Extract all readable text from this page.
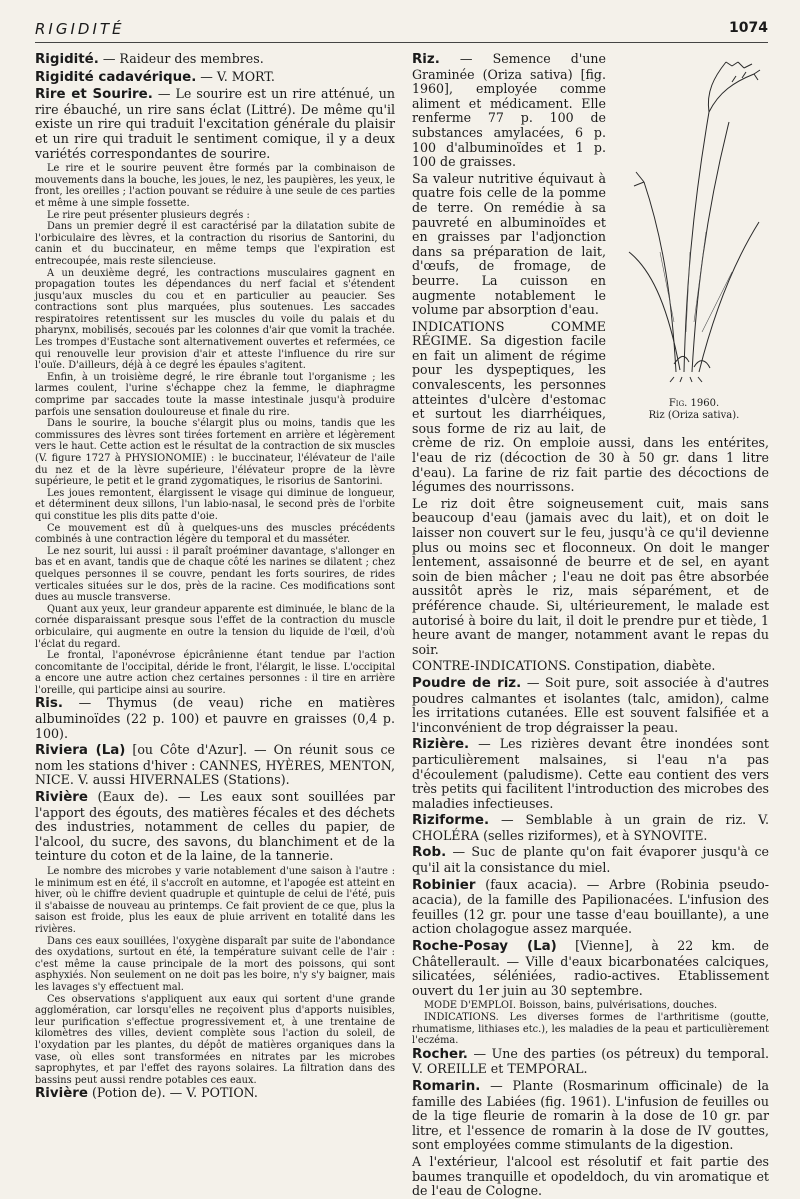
RIGIDITÉ	1074

Rigidité. — Raideur des membres.

Rigidité cadavérique. — V. MORT.

Rire et Sourire. — Le sourire est un rire atténué, un rire ébauché, un rire sans éclat (Littré). De même qu'il existe un rire qui traduit l'excitation générale du plaisir et un rire qui traduit le sentiment comique, il y a deux variétés correspondantes de sourire.

Le rire et le sourire peuvent être formés par la combinaison de mouvements dans la bouche, les joues, le nez, les paupières, les yeux, le front, les oreilles ; l'action pouvant se réduire à une seule de ces parties et même à une simple fossette.

Le rire peut présenter plusieurs degrés :

Dans un premier degré il est caractérisé par la dilatation subite de l'orbiculaire des lèvres, et la contraction du risorius de Santorini, du canin et du buccinateur, en même temps que l'expiration est entrecoupée, mais reste silencieuse.

A un deuxième degré, les contractions musculaires gagnent en propagation toutes les dépendances du nerf facial et s'étendent jusqu'aux muscles du cou et en particulier au peaucier. Ses contractions sont plus marquées, plus soutenues. Les saccades respiratoires retentissent sur les muscles du voile du palais et du pharynx, mobilisés, secoués par les colonnes d'air que vomit la trachée. Les trompes d'Eustache sont alternativement ouvertes et refermées, ce qui renouvelle leur provision d'air et atteste l'influence du rire sur l'ouïe. D'ailleurs, déjà à ce degré les épaules s'agitent.

Enfin, à un troisième degré, le rire ébranle tout l'organisme ; les larmes coulent, l'urine s'échappe chez la femme, le diaphragme comprime par saccades toute la masse intestinale jusqu'à produire parfois une sensation douloureuse et finale du rire.

Dans le sourire, la bouche s'élargit plus ou moins, tandis que les commissures des lèvres sont tirées fortement en arrière et légèrement vers le haut. Cette action est le résultat de la contraction de six muscles (V. figure 1727 à PHYSIONOMIE) : le buccinateur, l'élévateur de l'aile du nez et de la lèvre supérieure, l'élévateur propre de la lèvre supérieure, le petit et le grand zygomatiques, le risorius de Santorini.

Les joues remontent, élargissent le visage qui diminue de longueur, et déterminent deux sillons, l'un labio-nasal, le second près de l'orbite qui constitue les plis dits patte d'oie.

Ce mouvement est dû à quelques-uns des muscles précédents combinés à une contraction légère du temporal et du masséter.

Le nez sourit, lui aussi : il paraît proéminer davantage, s'allonger en bas et en avant, tandis que de chaque côté les narines se dilatent ; chez quelques personnes il se couvre, pendant les forts sourires, de rides verticales situées sur le dos, près de la racine. Ces modifications sont dues au muscle transverse.

Quant aux yeux, leur grandeur apparente est diminuée, le blanc de la cornée disparaissant presque sous l'effet de la contraction du muscle orbiculaire, qui augmente en outre la tension du liquide de l'œil, d'où l'éclat du regard.

Le frontal, l'aponévrose épicrânienne étant tendue par l'action concomitante de l'occipital, déride le front, l'élargit, le lisse. L'occipital a encore une autre action chez certaines personnes : il tire en arrière l'oreille, qui participe ainsi au sourire.

Ris. — Thymus (de veau) riche en matières albuminoïdes (22 p. 100) et pauvre en graisses (0,4 p. 100).

Riviera (La) [ou Côte d'Azur]. — On réunit sous ce nom les stations d'hiver : CANNES, HYÈRES, MENTON, NICE. V. aussi HIVERNALES (Stations).

Rivière (Eaux de). — Les eaux sont souillées par l'apport des égouts, des matières fécales et des déchets des industries, notamment de celles du papier, de l'alcool, du sucre, des savons, du blanchiment et de la teinture du coton et de la laine, de la tannerie.

Le nombre des microbes y varie notablement d'une saison à l'autre : le minimum est en été, il s'accroît en automne, et l'apogée est atteint en hiver, où le chiffre devient quadruple et quintuple de celui de l'été, puis il s'abaisse de nouveau au printemps. Ce fait provient de ce que, plus la saison est froide, plus les eaux de pluie arrivent en totalité dans les rivières.

Dans ces eaux souillées, l'oxygène disparaît par suite de l'abondance des oxydations, surtout en été, la température suivant celle de l'air : c'est même la cause principale de la mort des poissons, qui sont asphyxiés. Non seulement on ne doit pas les boire, n'y s'y baigner, mais les lavages s'y effectuent mal.

Ces observations s'appliquent aux eaux qui sortent d'une grande agglomération, car lorsqu'elles ne reçoivent plus d'apports nuisibles, leur purification s'effectue progressivement et, à une trentaine de kilomètres des villes, devient complète sous l'action du soleil, de l'oxydation par les plantes, du dépôt de matières organiques dans la vase, où elles sont transformées en nitrates par les microbes saprophytes, et par l'effet des rayons solaires. La filtration dans des bassins peut aussi rendre potables ces eaux.

Rivière (Potion de). — V. POTION.

Fig. 1960.
Riz (Oriza sativa).

Riz. — Semence d'une Graminée (Oriza sativa) [fig. 1960], employée comme aliment et médicament. Elle renferme 77 p. 100 de substances amylacées, 6 p. 100 d'albuminoïdes et 1 p. 100 de graisses.

Sa valeur nutritive équivaut à quatre fois celle de la pomme de terre. On remédie à sa pauvreté en albuminoïdes et en graisses par l'adjonction dans sa préparation de lait, d'œufs, de fromage, de beurre. La cuisson en augmente notablement le volume par absorption d'eau.

INDICATIONS COMME RÉGIME. Sa digestion facile en fait un aliment de régime pour les dyspeptiques, les convalescents, les personnes atteintes d'ulcère d'estomac et surtout les diarrhéiques, sous forme de riz au lait, de crème de riz. On emploie aussi, dans les entérites, l'eau de riz (décoction de 30 à 50 gr. dans 1 litre d'eau). La farine de riz fait partie des décoctions de légumes des nourrissons.

Le riz doit être soigneusement cuit, mais sans beaucoup d'eau (jamais avec du lait), et on doit le laisser non couvert sur le feu, jusqu'à ce qu'il devienne plus ou moins sec et floconneux. On doit le manger lentement, assaisonné de beurre et de sel, en ayant soin de bien mâcher ; l'eau ne doit pas être absorbée aussitôt après le riz, mais séparément, et de préférence chaude. Si, ultérieurement, le malade est autorisé à boire du lait, il doit le prendre pur et tiède, 1 heure avant de manger, notamment avant le repas du soir.

CONTRE-INDICATIONS. Constipation, diabète.

Poudre de riz. — Soit pure, soit associée à d'autres poudres calmantes et isolantes (talc, amidon), calme les irritations cutanées. Elle est souvent falsifiée et a l'inconvénient de trop dégraisser la peau.

Rizière. — Les rizières devant être inondées sont particulièrement malsaines, si l'eau n'a pas d'écoulement (paludisme). Cette eau contient des vers très petits qui facilitent l'introduction des microbes des maladies infectieuses.

Riziforme. — Semblable à un grain de riz. V. CHOLÉRA (selles riziformes), et à SYNOVITE.

Rob. — Suc de plante qu'on fait évaporer jusqu'à ce qu'il ait la consistance du miel.

Robinier (faux acacia). — Arbre (Robinia pseudo-acacia), de la famille des Papilionacées. L'infusion des feuilles (12 gr. pour une tasse d'eau bouillante), a une action cholagogue assez marquée.

Roche-Posay (La) [Vienne], à 22 km. de Châtellerault. — Ville d'eaux bicarbonatées calciques, silicatées, séléniées, radio-actives. Etablissement ouvert du 1er juin au 30 septembre.

MODE D'EMPLOI. Boisson, bains, pulvérisations, douches.

INDICATIONS. Les diverses formes de l'arthritisme (goutte, rhumatisme, lithiases etc.), les maladies de la peau et particulièrement l'eczéma.

Rocher. — Une des parties (os pétreux) du temporal. V. OREILLE et TEMPORAL.

Romarin. — Plante (Rosmarinum officinale) de la famille des Labiées (fig. 1961). L'infusion de feuilles ou de la tige fleurie de romarin à la dose de 10 gr. par litre, et l'essence de romarin à la dose de IV gouttes, sont employées comme stimulants de la digestion.

A l'extérieur, l'alcool est résolutif et fait partie des baumes tranquille et opodeldoch, du vin aromatique et de l'eau de Cologne.
